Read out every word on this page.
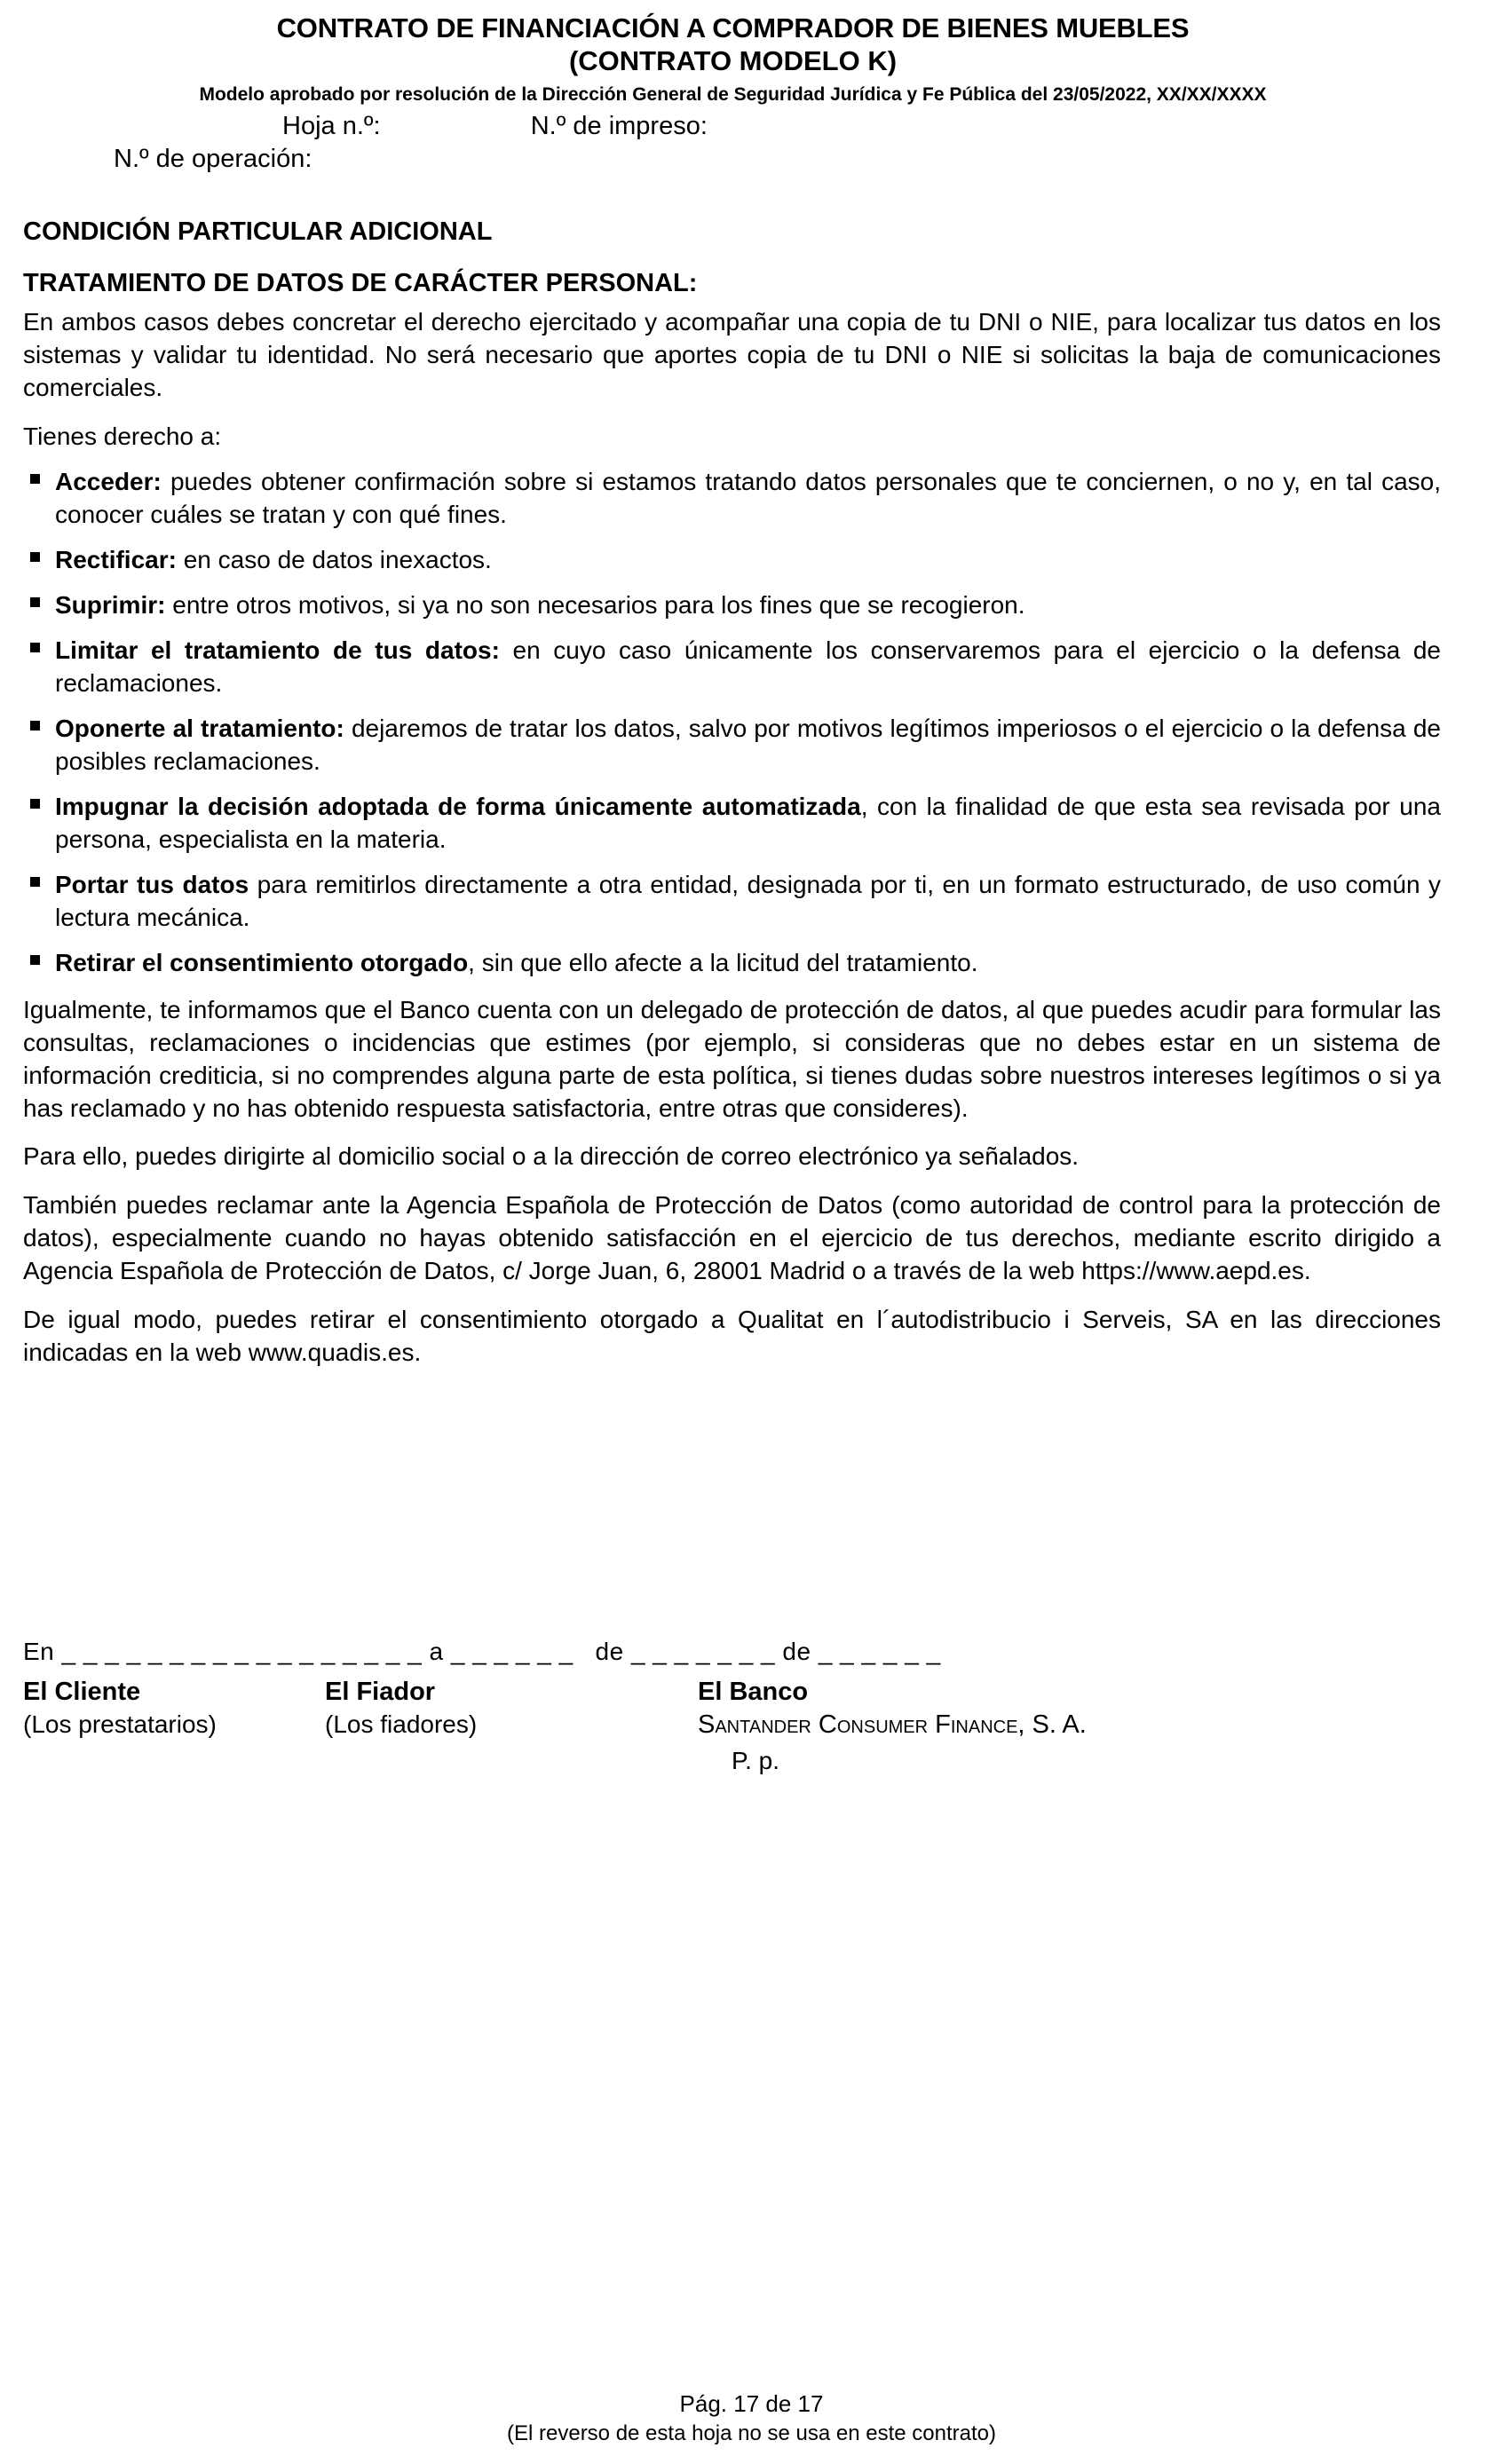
CONTRATO DE FINANCIACIÓN A COMPRADOR DE BIENES MUEBLES
(CONTRATO MODELO K)
Modelo aprobado por resolución de la Dirección General de Seguridad Jurídica y Fe Pública del 23/05/2022, XX/XX/XXXX
Hoja n.º:                     N.º de impreso:
N.º de operación:
CONDICIÓN PARTICULAR ADICIONAL
TRATAMIENTO DE DATOS DE CARÁCTER PERSONAL:

En ambos casos debes concretar el derecho ejercitado y acompañar una copia de tu DNI o NIE, para localizar tus datos en los sistemas y validar tu identidad. No será necesario que aportes copia de tu DNI o NIE si solicitas la baja de comunicaciones comerciales.

Tienes derecho a:

Acceder: puedes obtener confirmación sobre si estamos tratando datos personales que te conciernen, o no y, en tal caso, conocer cuáles se tratan y con qué fines.
Rectificar: en caso de datos inexactos.
Suprimir: entre otros motivos, si ya no son necesarios para los fines que se recogieron.
Limitar el tratamiento de tus datos: en cuyo caso únicamente los conservaremos para el ejercicio o la defensa de reclamaciones.
Oponerte al tratamiento: dejaremos de tratar los datos, salvo por motivos legítimos imperiosos o el ejercicio o la defensa de posibles reclamaciones.
Impugnar la decisión adoptada de forma únicamente automatizada, con la finalidad de que esta sea revisada por una persona, especialista en la materia.
Portar tus datos para remitirlos directamente a otra entidad, designada por ti, en un formato estructurado, de uso común y lectura mecánica.
Retirar el consentimiento otorgado, sin que ello afecte a la licitud del tratamiento.

Igualmente, te informamos que el Banco cuenta con un delegado de protección de datos, al que puedes acudir para formular las consultas, reclamaciones o incidencias que estimes (por ejemplo, si consideras que no debes estar en un sistema de información crediticia, si no comprendes alguna parte de esta política, si tienes dudas sobre nuestros intereses legítimos o si ya has reclamado y no has obtenido respuesta satisfactoria, entre otras que consideres).

Para ello, puedes dirigirte al domicilio social o a la dirección de correo electrónico ya señalados.

También puedes reclamar ante la Agencia Española de Protección de Datos (como autoridad de control para la protección de datos), especialmente cuando no hayas obtenido satisfacción en el ejercicio de tus derechos, mediante escrito dirigido a Agencia Española de Protección de Datos, c/ Jorge Juan, 6, 28001 Madrid o a través de la web https://www.aepd.es.

De igual modo, puedes retirar el consentimiento otorgado a Qualitat en l´autodistribucio i Serveis, SA en las direcciones indicadas en la web www.quadis.es.

En _ _ _ _ _ _ _ _ _ _ _ _ _ _ _ _ _ a _ _ _ _ _ _   de _ _ _ _ _ _ _ de _ _ _ _ _ _
El Cliente
(Los prestatarios)
El Fiador
(Los fiadores)
El Banco
Santander Consumer Finance, S. A.
P. p.
Pág. 17 de 17
(El reverso de esta hoja no se usa en este contrato)
